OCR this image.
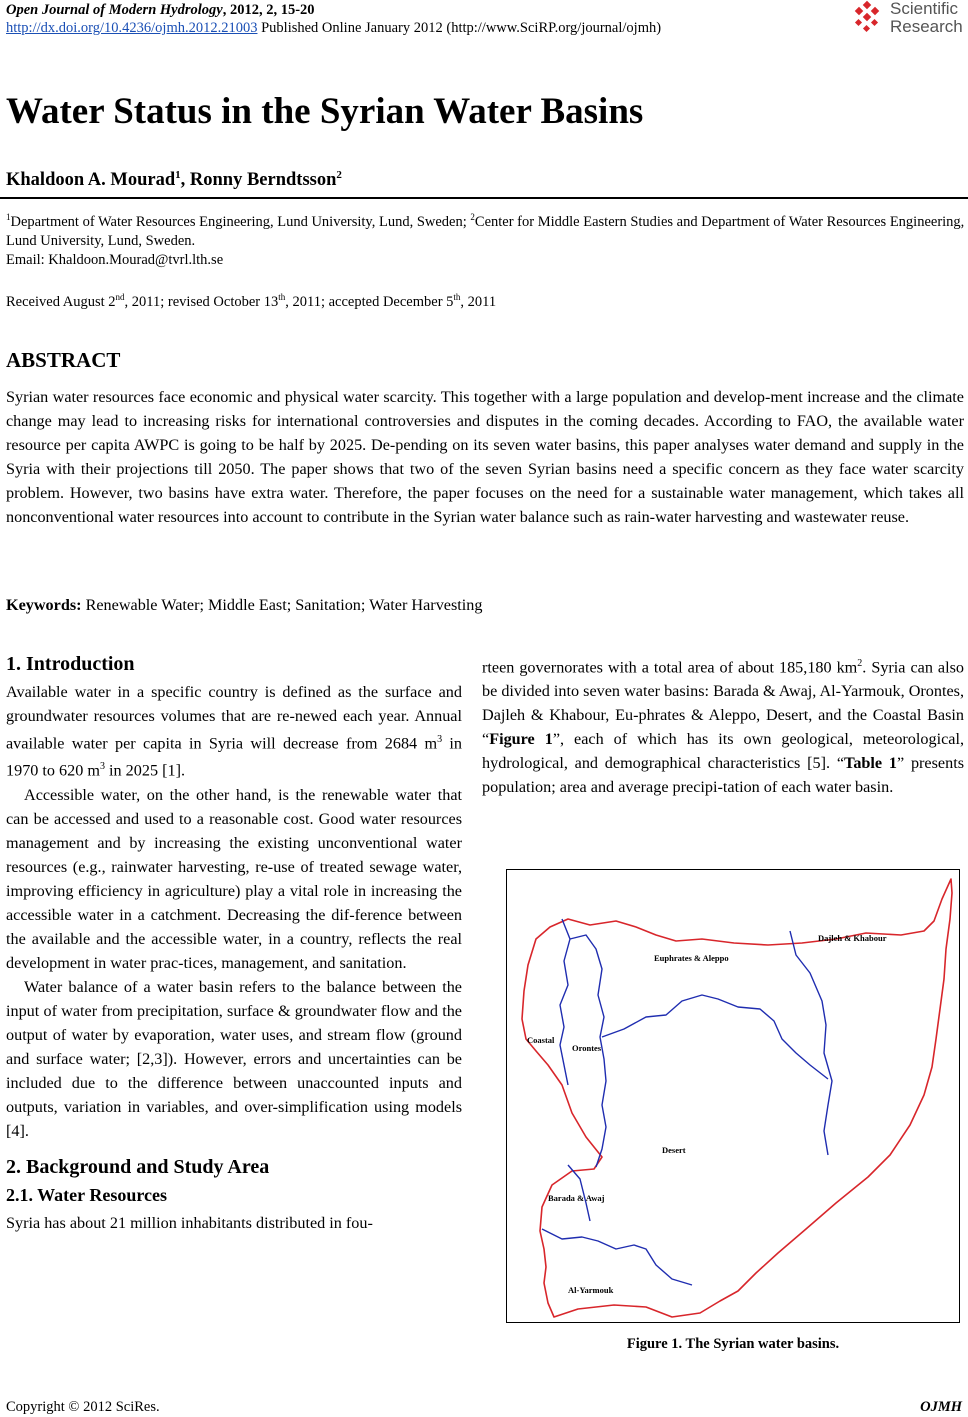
Open Journal of Modern Hydrology, 2012, 2, 15-20
http://dx.doi.org/10.4236/ojmh.2012.21003 Published Online January 2012 (http://www.SciRP.org/journal/ojmh)
Scientific
Research
Water Status in the Syrian Water Basins
Khaldoon A. Mourad$^1$, Ronny Berndtsson$^2$
$^1$Department of Water Resources Engineering, Lund University, Lund, Sweden; $^2$Center for Middle Eastern Studies and Department of Water Resources Engineering, Lund University, Lund, Sweden.
Email: Khaldoon.Mourad@tvrl.lth.se
Received August 2nd, 2011; revised October 13th, 2011; accepted December 5th, 2011
ABSTRACT
Syrian water resources face economic and physical water scarcity. This together with a large population and develop-ment increase and the climate change may lead to increasing risks for international controversies and disputes in the coming decades. According to FAO, the available water resource per capita AWPC is going to be half by 2025. De-pending on its seven water basins, this paper analyses water demand and supply in the Syria with their projections till 2050. The paper shows that two of the seven Syrian basins need a specific concern as they face water scarcity problem. However, two basins have extra water. Therefore, the paper focuses on the need for a sustainable water management, which takes all nonconventional water resources into account to contribute in the Syrian water balance such as rain-water harvesting and wastewater reuse.
Keywords: Renewable Water; Middle East; Sanitation; Water Harvesting
1. Introduction

Available water in a specific country is defined as the surface and groundwater resources volumes that are re-newed each year. Annual available water per capita in Syria will decrease from 2684 $m^3$ in 1970 to 620 $m^3$ in 2025 [1].

Accessible water, on the other hand, is the renewable water that can be accessed and used to a reasonable cost. Good water resources management and by increasing the existing unconventional water resources (e.g., rainwater harvesting, re-use of treated sewage water, improving efficiency in agriculture) play a vital role in increasing the accessible water in a catchment. Decreasing the dif-ference between the available and the accessible water, in a country, reflects the real development in water prac-tices, management, and sanitation.

Water balance of a water basin refers to the balance between the input of water from precipitation, surface & groundwater flow and the output of water by evaporation, water uses, and stream flow (ground and surface water; [2,3]). However, errors and uncertainties can be included due to the difference between unaccounted inputs and outputs, variation in variables, and over-simplification using models [4].

2. Background and Study Area
2.1. Water Resources

Syria has about 21 million inhabitants distributed in fou-

rteen governorates with a total area of about 185,180 $km^2$. Syria can also be divided into seven water basins: Barada & Awaj, Al-Yarmouk, Orontes, Dajleh & Khabour, Eu-phrates & Aleppo, Desert, and the Coastal Basin “Figure 1”, each of which has its own geological, meteorological, hydrological, and demographical characteristics [5]. “Table 1” presents population; area and average precipi-tation of each water basin.

Dajleh & Khabour
Euphrates & Aleppo
Coastal
Orontes
Desert
Barada & Awaj
Al-Yarmouk
Figure 1. The Syrian water basins.
Copyright © 2012 SciRes.	OJMH
